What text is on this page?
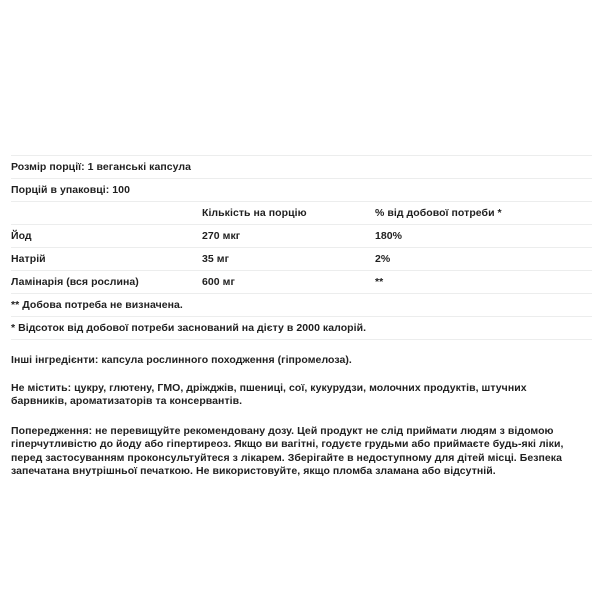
Розмір порції: 1 веганські капсула
Порцій в упаковці: 100
	Кількість на порцію	% від добової потреби *
Йод	270 мкг	180%
Натрій	35 мг	2%
Ламінарія (вся рослина)	600 мг	**
** Добова потреба не визначена.		
* Відсоток від добової потреби заснований на дієту в 2000 калорій.		

Інші інгредієнти: капсула рослинного походження (гіпромелоза).

Не містить: цукру, глютену, ГМО, дріжджів, пшениці, сої, кукурудзи, молочних продуктів, штучних барвників, ароматизаторів та консервантів.

Попередження: не перевищуйте рекомендовану дозу. Цей продукт не слід приймати людям з відомою гіперчутливістю до йоду або гіпертиреоз. Якщо ви вагітні, годуєте грудьми або приймаєте будь-які ліки, перед застосуванням проконсультуйтеся з лікарем. Зберігайте в недоступному для дітей місці. Безпека запечатана внутрішньої печаткою. Не використовуйте, якщо пломба зламана або відсутній.
